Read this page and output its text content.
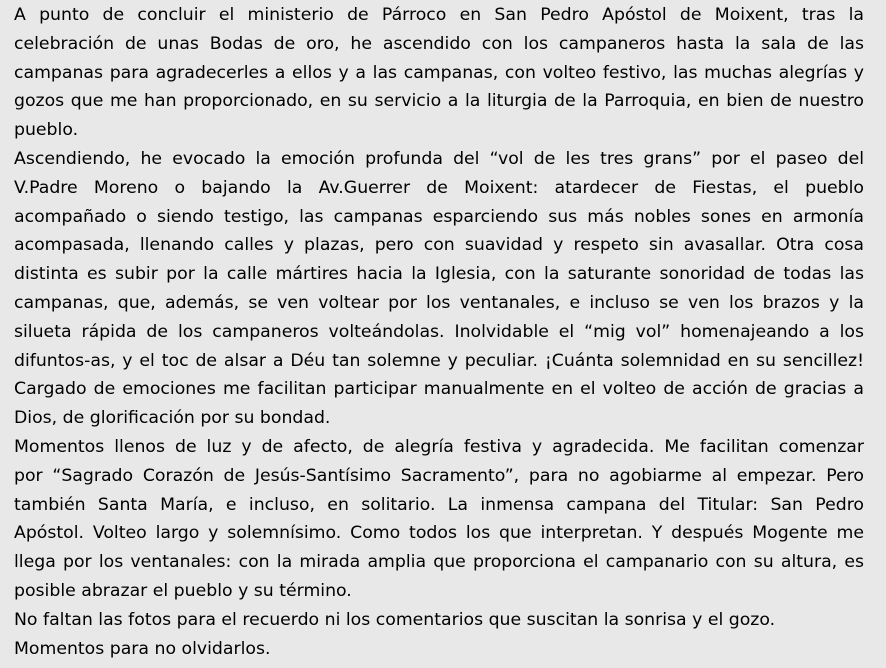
A punto de concluir el ministerio de Párroco en San Pedro Apóstol de Moixent, tras la
celebración de unas Bodas de oro, he ascendido con los campaneros hasta la sala de las
campanas para agradecerles a ellos y a las campanas, con volteo festivo, las muchas alegrías y
gozos que me han proporcionado, en su servicio a la liturgia de la Parroquia, en bien de nuestro
pueblo.
Ascendiendo, he evocado la emoción profunda del “vol de les tres grans” por el paseo del
V.Padre Moreno o bajando la Av.Guerrer de Moixent: atardecer de Fiestas, el pueblo
acompañado o siendo testigo, las campanas esparciendo sus más nobles sones en armonía
acompasada, llenando calles y plazas, pero con suavidad y respeto sin avasallar. Otra cosa
distinta es subir por la calle mártires hacia la Iglesia, con la saturante sonoridad de todas las
campanas, que, además, se ven voltear por los ventanales, e incluso se ven los brazos y la
silueta rápida de los campaneros volteándolas. Inolvidable el “mig vol” homenajeando a los
difuntos-as, y el toc de alsar a Déu tan solemne y peculiar. ¡Cuánta solemnidad en su sencillez!
Cargado de emociones me facilitan participar manualmente en el volteo de acción de gracias a
Dios, de glorificación por su bondad.
Momentos llenos de luz y de afecto, de alegría festiva y agradecida. Me facilitan comenzar
por “Sagrado Corazón de Jesús-Santísimo Sacramento”, para no agobiarme al empezar. Pero
también Santa María, e incluso, en solitario. La inmensa campana del Titular: San Pedro
Apóstol. Volteo largo y solemnísimo. Como todos los que interpretan. Y después Mogente me
llega por los ventanales: con la mirada amplia que proporciona el campanario con su altura, es
posible abrazar el pueblo y su término.
No faltan las fotos para el recuerdo ni los comentarios que suscitan la sonrisa y el gozo.
Momentos para no olvidarlos.
